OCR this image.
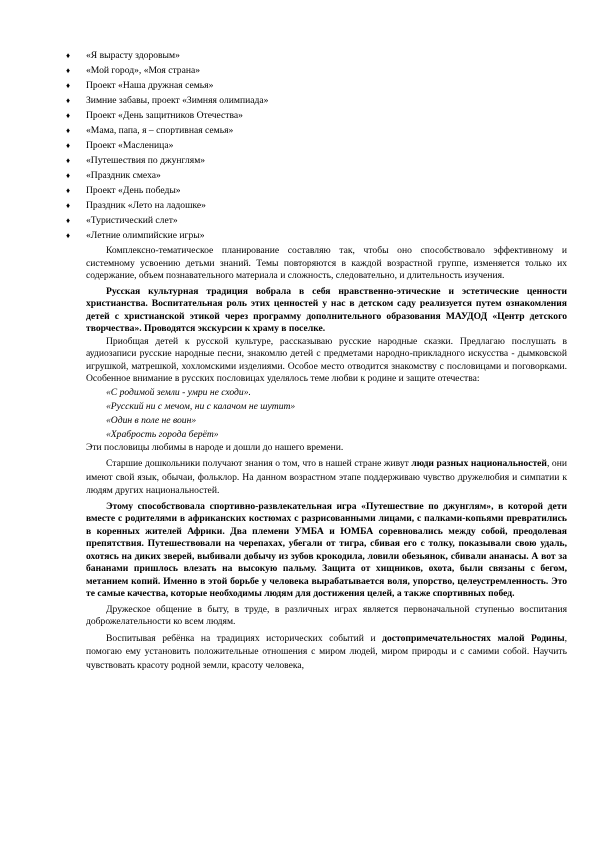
♦ «Я вырасту здоровым»
♦ «Мой город», «Моя страна»
♦ Проект «Наша дружная семья»
♦ Зимние забавы, проект «Зимняя олимпиада»
♦ Проект «День защитников Отечества»
♦ «Мама, папа, я – спортивная семья»
♦ Проект «Масленица»
♦ «Путешествия по джунглям»
♦ «Праздник смеха»
♦ Проект «День победы»
♦ Праздник «Лето на ладошке»
♦ «Туристический слет»
♦ «Летние олимпийские игры»

Комплексно-тематическое планирование составляю так, чтобы оно способствовало эффективному и системному усвоению детьми знаний. Темы повторяются в каждой возрастной группе, изменяется только их содержание, объем познавательного материала и сложность, следовательно, и длительность изучения.

Русская культурная традиция вобрала в себя нравственно-этические и эстетические ценности христианства. Воспитательная роль этих ценностей у нас в детском саду реализуется путем ознакомления детей с христианской этикой через программу дополнительного образования МАУДОД «Центр детского творчества». Проводятся экскурсии к храму в поселке.

Приобщая детей к русской культуре, рассказываю русские народные сказки. Предлагаю послушать в аудиозаписи русские народные песни, знакомлю детей с предметами народно-прикладного искусства - дымковской игрушкой, матрешкой, хохломскими изделиями. Особое место отводится знакомству с пословицами и поговорками. Особенное внимание в русских пословицах уделялось теме любви к родине и защите отечества:

«С родимой земли - умри не сходи».

«Русский ни с мечом, ни с калачом не шутит»

«Один в поле не воин»

«Храбрость города берёт»

Эти пословицы любимы в народе и дошли до нашего времени.

Старшие дошкольники получают знания о том, что в нашей стране живут люди разных национальностей, они имеют свой язык, обычаи, фольклор. На данном возрастном этапе поддерживаю чувство дружелюбия и симпатии к людям других национальностей.

Этому способствовала спортивно-развлекательная игра «Путешествие по джунглям», в которой дети вместе с родителями в африканских костюмах с разрисованными лицами, с палками-копьями превратились в коренных жителей Африки. Два племени УМБА и ЮМБА соревновались между собой, преодолевая препятствия. Путешествовали на черепахах, убегали от тигра, сбивая его с толку, показывали свою удаль, охотясь на диких зверей, выбивали добычу из зубов крокодила, ловили обезьянок, сбивали ананасы. А вот за бананами пришлось влезать на высокую пальму. Защита от хищников, охота, были связаны с бегом, метанием копий. Именно в этой борьбе у человека вырабатывается воля, упорство, целеустремленность. Это те самые качества, которые необходимы людям для достижения целей, а также спортивных побед.

Дружеское общение в быту, в труде, в различных играх является первоначальной ступенью воспитания доброжелательности ко всем людям.

Воспитывая ребёнка на традициях исторических событий и достопримечательностях малой Родины, помогаю ему установить положительные отношения с миром людей, миром природы и с самими собой. Научить чувствовать красоту родной земли, красоту человека,
